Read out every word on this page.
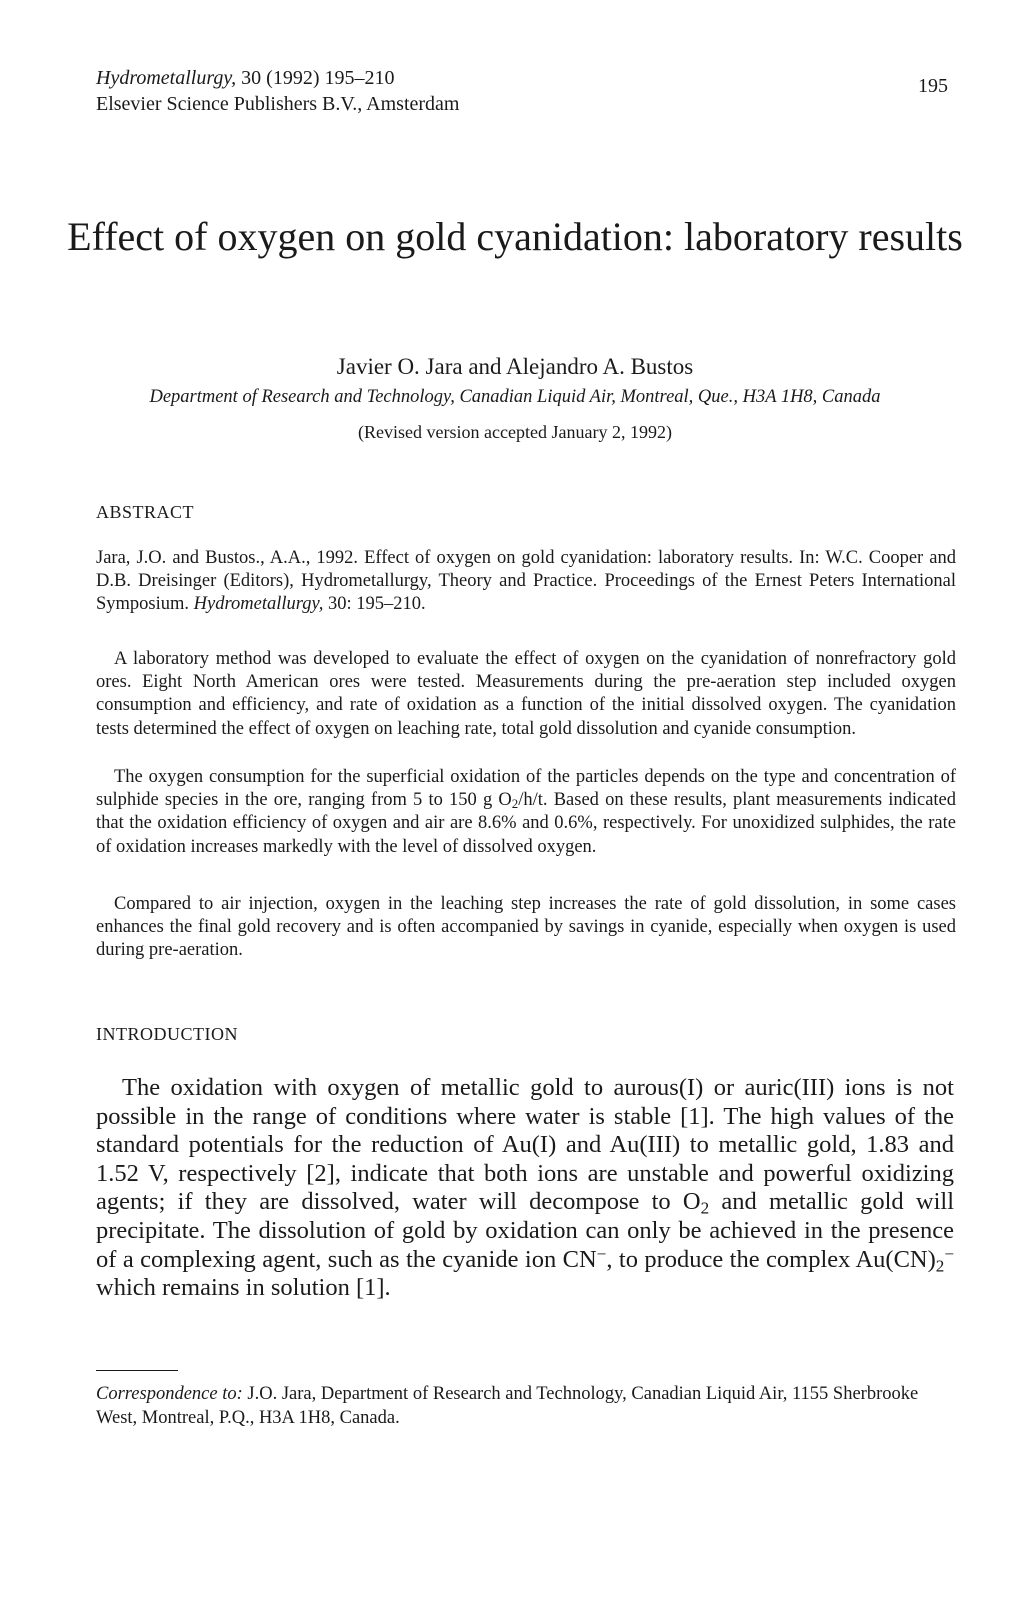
Hydrometallurgy, 30 (1992) 195–210
Elsevier Science Publishers B.V., Amsterdam
195
Effect of oxygen on gold cyanidation: laboratory results
Javier O. Jara and Alejandro A. Bustos
Department of Research and Technology, Canadian Liquid Air, Montreal, Que., H3A 1H8, Canada
(Revised version accepted January 2, 1992)
ABSTRACT
Jara, J.O. and Bustos., A.A., 1992. Effect of oxygen on gold cyanidation: laboratory results. In: W.C. Cooper and D.B. Dreisinger (Editors), Hydrometallurgy, Theory and Practice. Proceedings of the Ernest Peters International Symposium. Hydrometallurgy, 30: 195–210.
A laboratory method was developed to evaluate the effect of oxygen on the cyanidation of nonrefractory gold ores. Eight North American ores were tested. Measurements during the pre-aeration step included oxygen consumption and efficiency, and rate of oxidation as a function of the initial dissolved oxygen. The cyanidation tests determined the effect of oxygen on leaching rate, total gold dissolution and cyanide consumption.
The oxygen consumption for the superficial oxidation of the particles depends on the type and concentration of sulphide species in the ore, ranging from 5 to 150 g $O_2/h/t$. Based on these results, plant measurements indicated that the oxidation efficiency of oxygen and air are 8.6% and 0.6%, respectively. For unoxidized sulphides, the rate of oxidation increases markedly with the level of dissolved oxygen.
Compared to air injection, oxygen in the leaching step increases the rate of gold dissolution, in some cases enhances the final gold recovery and is often accompanied by savings in cyanide, especially when oxygen is used during pre-aeration.
INTRODUCTION
The oxidation with oxygen of metallic gold to aurous(I) or auric(III) ions is not possible in the range of conditions where water is stable [1]. The high values of the standard potentials for the reduction of Au(I) and Au(III) to metallic gold, 1.83 and 1.52 V, respectively [2], indicate that both ions are unstable and powerful oxidizing agents; if they are dissolved, water will decompose to $O_2$ and metallic gold will precipitate. The dissolution of gold by oxidation can only be achieved in the presence of a complexing agent, such as the cyanide ion CN−, to produce the complex $Au(CN)_2^-$ which remains in solution [1].
Correspondence to: J.O. Jara, Department of Research and Technology, Canadian Liquid Air, 1155 Sherbrooke West, Montreal, P.Q., H3A 1H8, Canada.
